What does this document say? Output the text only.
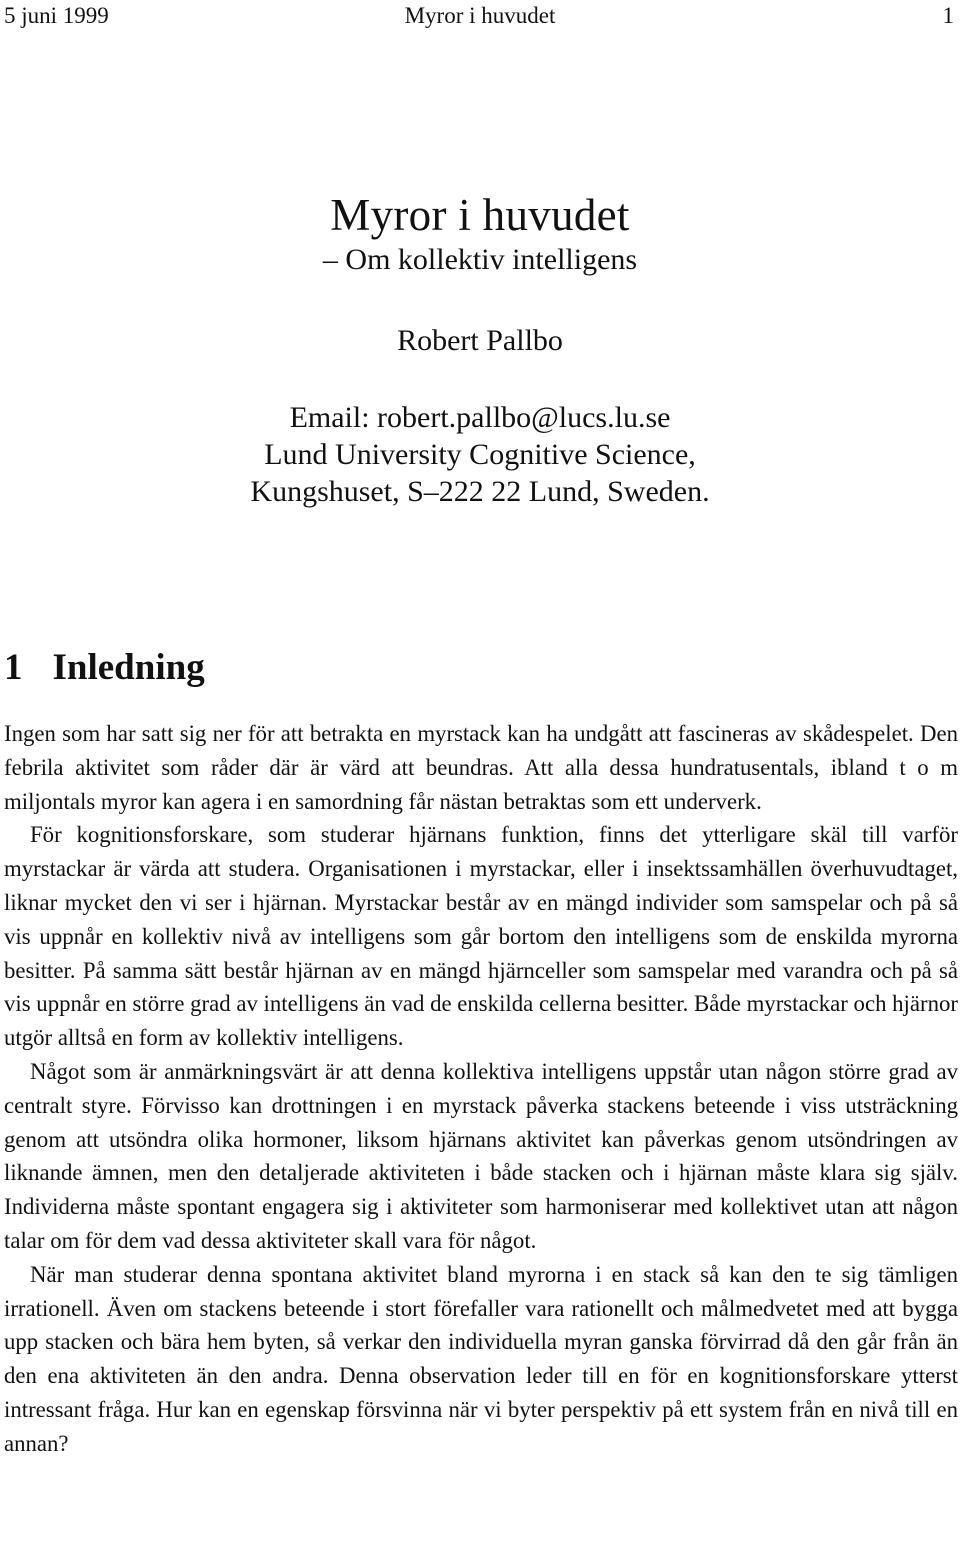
5 juni 1999	Myror i huvudet	1
Myror i huvudet
– Om kollektiv intelligens
Robert Pallbo
Email: robert.pallbo@lucs.lu.se
Lund University Cognitive Science,
Kungshuset, S–222 22 Lund, Sweden.
1 Inledning

Ingen som har satt sig ner för att betrakta en myrstack kan ha undgått att fascineras av skådespelet. Den febrila aktivitet som råder där är värd att beundras. Att alla dessa hundratusentals, ibland t o m miljontals myror kan agera i en samordning får nästan betraktas som ett underverk.

För kognitionsforskare, som studerar hjärnans funktion, finns det ytterligare skäl till varför myrstackar är värda att studera. Organisationen i myrstackar, eller i insektssamhällen överhuvudtaget, liknar mycket den vi ser i hjärnan. Myrstackar består av en mängd individer som samspelar och på så vis uppnår en kollektiv nivå av intelligens som går bortom den intelligens som de enskilda myrorna besitter. På samma sätt består hjärnan av en mängd hjärnceller som samspelar med varandra och på så vis uppnår en större grad av intelligens än vad de enskilda cellerna besitter. Både myrstackar och hjärnor utgör alltså en form av kollektiv intelligens.

Något som är anmärkningsvärt är att denna kollektiva intelligens uppstår utan någon större grad av centralt styre. Förvisso kan drottningen i en myrstack påverka stackens beteende i viss utsträckning genom att utsöndra olika hormoner, liksom hjärnans aktivitet kan påverkas genom utsöndringen av liknande ämnen, men den detaljerade aktiviteten i både stacken och i hjärnan måste klara sig själv. Individerna måste spontant engagera sig i aktiviteter som harmoniserar med kollektivet utan att någon talar om för dem vad dessa aktiviteter skall vara för något.

När man studerar denna spontana aktivitet bland myrorna i en stack så kan den te sig tämligen irrationell. Även om stackens beteende i stort förefaller vara rationellt och målmedvetet med att bygga upp stacken och bära hem byten, så verkar den individuella myran ganska förvirrad då den går från än den ena aktiviteten än den andra. Denna observation leder till en för en kognitionsforskare ytterst intressant fråga. Hur kan en egenskap försvinna när vi byter perspektiv på ett system från en nivå till en annan?
